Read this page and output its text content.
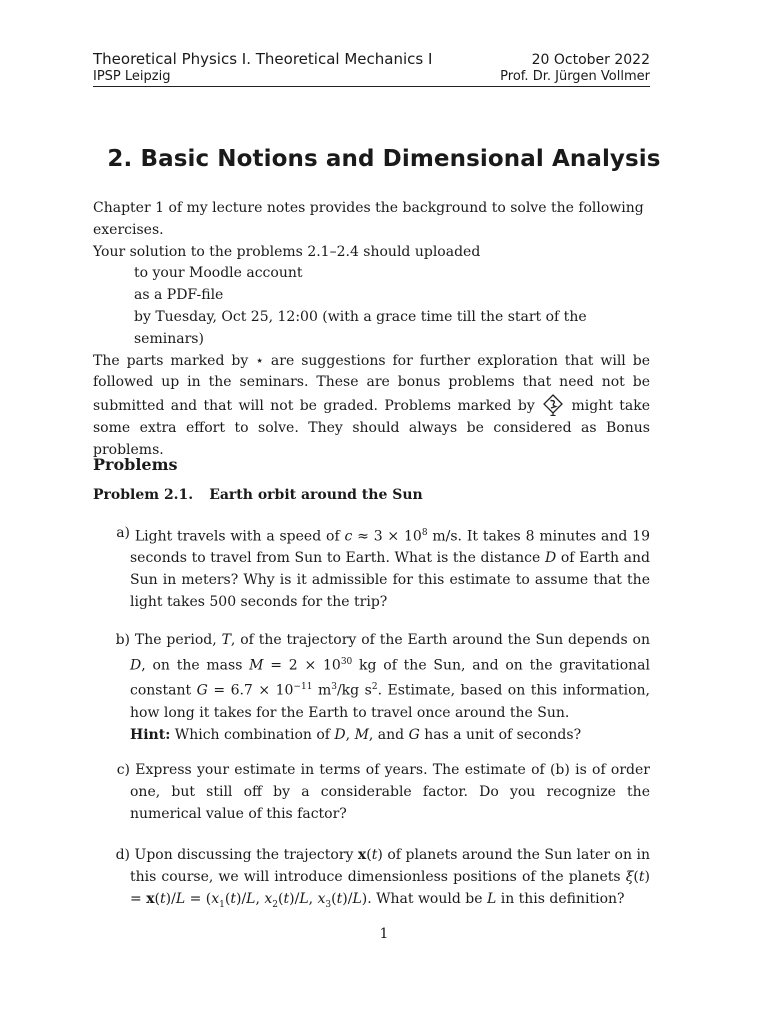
Theoretical Physics I. Theoretical Mechanics I	20 October 2022
IPSP Leipzig	Prof. Dr. Jürgen Vollmer
2. Basic Notions and Dimensional Analysis

Chapter 1 of my lecture notes provides the background to solve the following exercises.

Your solution to the problems 2.1–2.4 should uploaded

to your Moodle account

as a PDF-file

by Tuesday, Oct 25, 12:00 (with a grace time till the start of the seminars)

The parts marked by ⋆ are suggestions for further exploration that will be followed up in the seminars. These are bonus problems that need not be submitted and that will not be graded. Problems marked by	might take some extra effort to solve. They should always be considered as Bonus problems.

Problems
Problem 2.1. Earth orbit around the Sun
a) Light travels with a speed of $c \approx 3 \times 10^8$ m/s. It takes 8 minutes and 19 seconds to travel from Sun to Earth. What is the distance D of Earth and Sun in meters? Why is it admissible for this estimate to assume that the light takes 500 seconds for the trip?
b) The period, T, of the trajectory of the Earth around the Sun depends on D, on the mass $M = 2 \times 10^{30}$ kg of the Sun, and on the gravitational constant $G = 6.7 \times 10^{-11}$ $m^3/kg$ $s^2$. Estimate, based on this information, how long it takes for the Earth to travel once around the Sun.
Hint: Which combination of D, M, and G has a unit of seconds?
c) Express your estimate in terms of years. The estimate of (b) is of order one, but still off by a considerable factor. Do you recognize the numerical value of this factor?
d) Upon discussing the trajectory x(t) of planets around the Sun later on in this course, we will introduce dimensionless positions of the planets $\xi(t) = x(t)/L = (x_1(t)/L$, $x_2(t)/L$, $x_3(t)/L$). What would be L in this definition?
1
